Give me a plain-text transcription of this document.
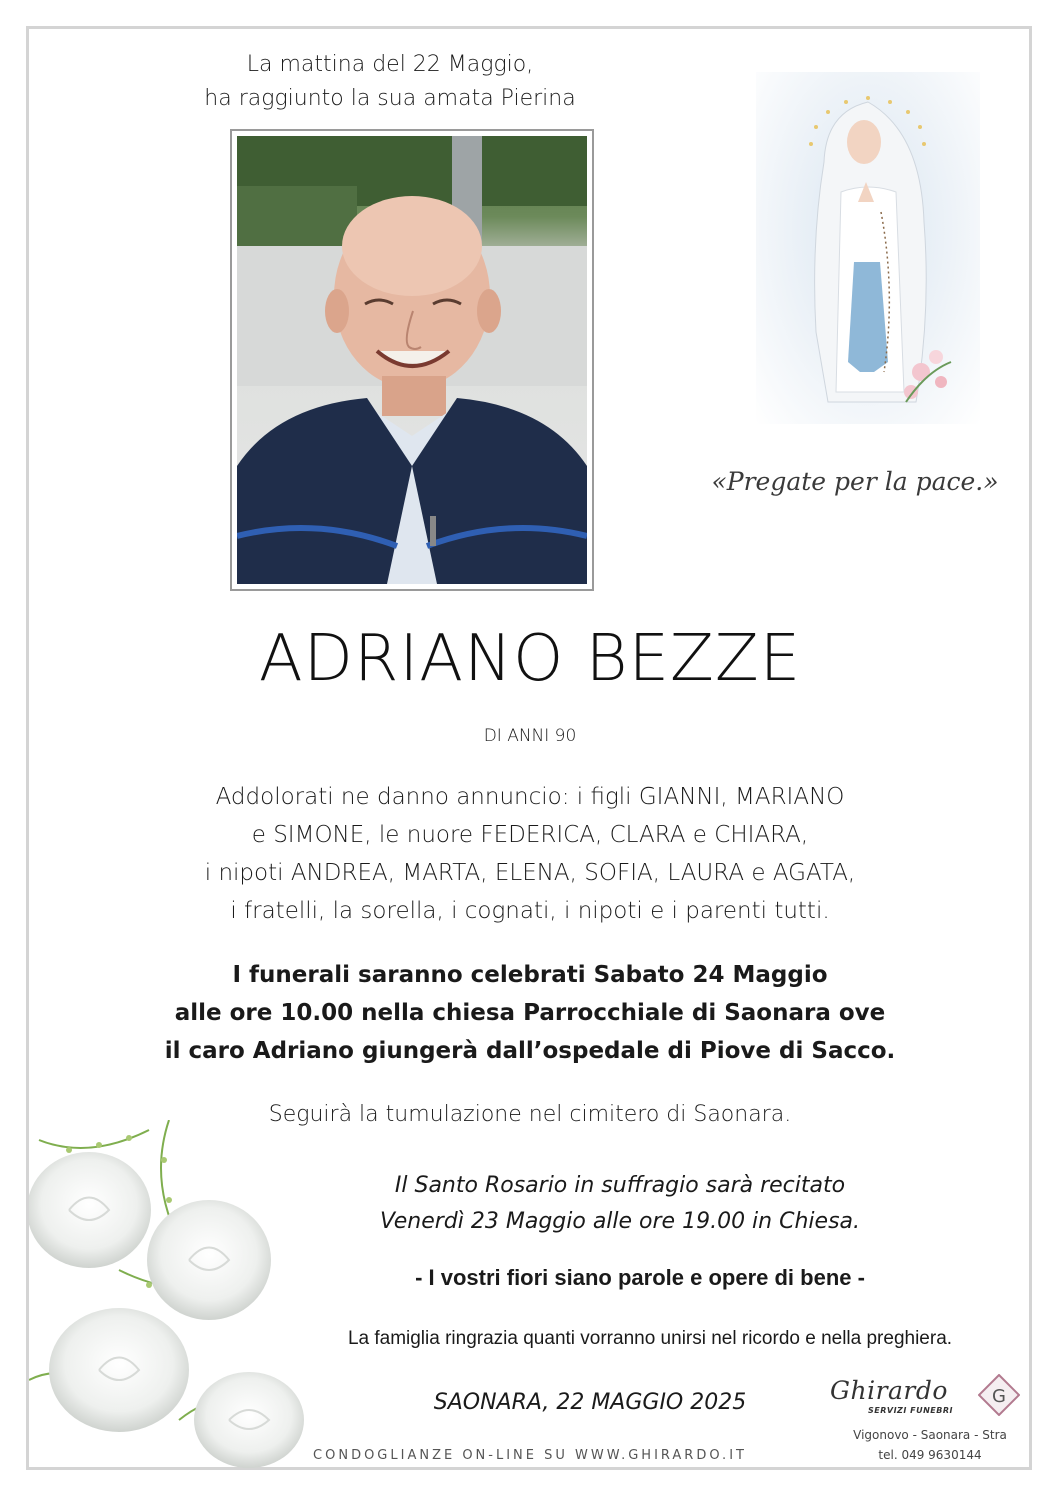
La mattina del 22 Maggio,
ha raggiunto la sua amata Pierina
«Pregate per la pace.»
ADRIANO BEZZE
DI ANNI 90
Addolorati ne danno annuncio: i figli GIANNI, MARIANO
e SIMONE, le nuore FEDERICA, CLARA e CHIARA,
i nipoti ANDREA, MARTA, ELENA, SOFIA, LAURA e AGATA,
i fratelli, la sorella, i cognati, i nipoti e i parenti tutti.
I funerali saranno celebrati Sabato 24 Maggio
alle ore 10.00 nella chiesa Parrocchiale di Saonara ove
il caro Adriano giungerà dall’ospedale di Piove di Sacco.
Seguirà la tumulazione nel cimitero di Saonara.
Il Santo Rosario in suffragio sarà recitato
Venerdì 23 Maggio alle ore 19.00 in Chiesa.
- I vostri fiori siano parole e opere di bene -
La famiglia ringrazia quanti vorranno unirsi nel ricordo e nella preghiera.
SAONARA, 22 MAGGIO 2025
CONDOGLIANZE ON-LINE SU WWW.GHIRARDO.IT
Ghirardo
SERVIZI FUNEBRI
G
Vigonovo - Saonara - Stra
tel. 049 9630144
